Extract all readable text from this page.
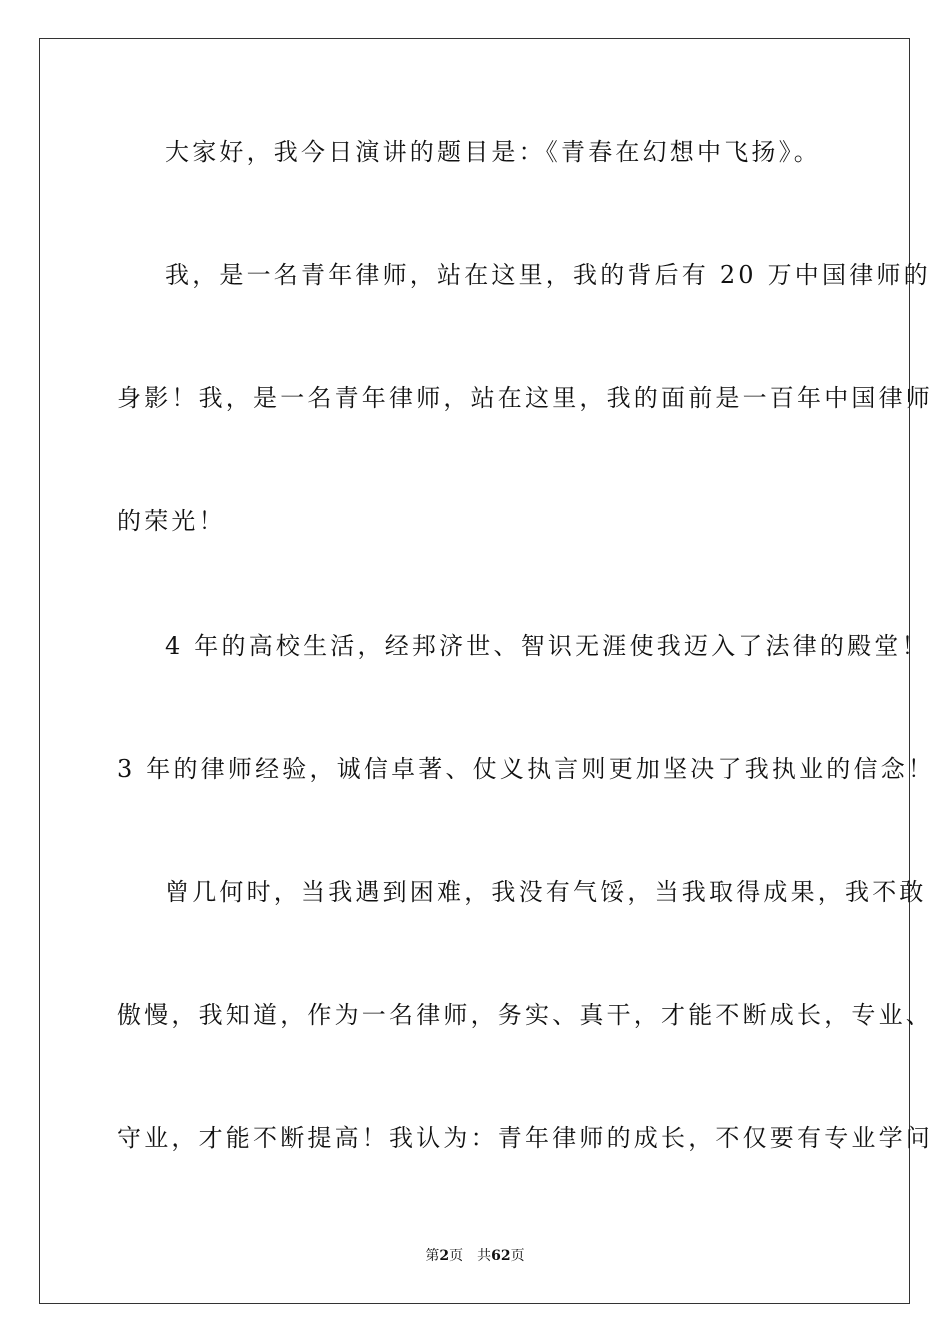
大家好，我今日演讲的题目是：《青春在幻想中飞扬》。
我，是一名青年律师，站在这里，我的背后有 20 万中国律师的
身影！我，是一名青年律师，站在这里，我的面前是一百年中国律师
的荣光！
4 年的高校生活，经邦济世、智识无涯使我迈入了法律的殿堂！
3 年的律师经验，诚信卓著、仗义执言则更加坚决了我执业的信念！
曾几何时，当我遇到困难，我没有气馁，当我取得成果，我不敢
傲慢，我知道，作为一名律师，务实、真干，才能不断成长，专业、
守业，才能不断提高！我认为：青年律师的成长，不仅要有专业学问
第2页 共62页
